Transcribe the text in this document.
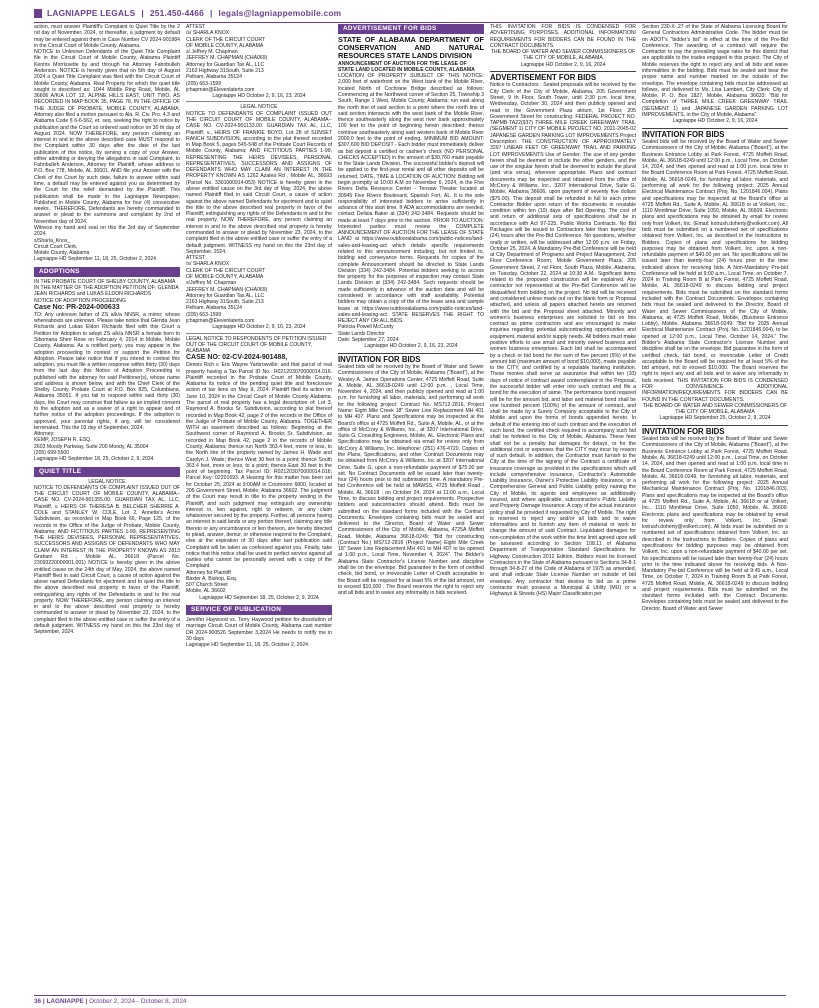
LAGNIAPPE LEGALS | 251.450-4466 | legals@lagniappemobile.com

action, must answer Plaintiff's Complaint to Quiet Title by the 2 nd day of November, 2024, or thereafter, a judgment by default may be entered against them in Case Number CV 2024-901984 in the Circuit Court of Mobile County, Alabama.

NOTICE to Unknown Defendants of the Quiet Title Complaint file in the Circuit Court of Mobile County, Alabama Plaintiff Kentris Morrissette by and through his Attorney Fahnbulleh Anderson. NOTICE is hereby given that on 5th day of August 2024 a Quiet Title Complaint was filed with the Circuit Court of Mobile County, Alabama. Real Property for which the quiet title sought is described as: 1044 Middle Ring Road, Mobile, AL 36606 A/K/A LOT 12, ALPINE HILLS EAST, UNIT TWO, AS RECORDED IN MAP BOOK 35, PAGE 78, IN THE OFFICE OF THE JUDGE OF PROBATE, MOBILE COUNTY, ALABAMA. Attorney also filed a motion pursuant to Ala. R. Civ. Pro. 4.3 and Alabama Code § 6-6-562, et. seq. seeking the right to notice by publication and the Court so ordered said notice on 30 th day of August 2024. NOW THEREFORE, any person claiming an interest in and to the above described case MUST respond to the Complaint within 30 days after the date of the last publication of this notice, by serving a copy of your Answer, either admitting or denying the allegations in said Complaint, to Fahnbulleh Anderson, Attorney for Plaintiff, whose address is P.O. Box 778, Mobile, AL 36601, AND file your Answer with the Clerk of the Court by such date, failure to answer within said time, a default may be entered against you as determined by the Court for the relief demanded by the Plaintiff. This publication shall be made in the Lagniappe Newspaper, Published in Mobile County, Alabama for four (4) consecutive weeks.. THEREFORE, Defendants are hereby commanded to answer or plead to the summons and complaint by 2nd of November day of 2024.

Witness my hand and seal on this the 3rd day of September 2024.

s/Sharla_Knox_

Circuit Court Clerk,

Mobile County, Alabama

Lagniappe HD September 11, 18, 25, October 2, 2024

ADOPTIONS

IN THE PROBATE COURT OF SHELBY COUNTY, ALABAMA

IN THE MATTER OF THE ADOPTION PETITION OF: GLENDA JEAN RICHARDS and LUKAS ELDON RICHARDS

NOTICE OF ADOPTION PROCEEDING

Case No: PR-2024-000633

TO: Any unknown father of ZS a/k/a NNSR, a minor; whose whereabouts are unknown. Please take notice that Glenda Jean Richards and Lukas Eldon Richards filed with this Court a Petition for Adoption to adopt ZS a/k/a NNSR a female born to Sibomana Sheri Rose on February 4, 2014 in Mobile, Mobile County, Alabama. As a notified party, you may appear in the adoption proceeding to contest or support the Petition for Adoption. Please take notice that if you intend to contest this adoption, you must file a written response within thirty (30) days from the last day this Notice of Adoption Proceeding is published with the attorney for said Petitioner(s), whose name and address is shown below, and with the Chief Clerk of the Shelby County Probate Court at P.O. Box 825, Columbiana, Alabama 35051. If you fail to respond within said thirty (30) days, the Court may construe that failure as an implied consent to the adoption and as a waiver of a right to appear and of further notice of the adoption proceedings. If the adoption is approved, your parental rights, if any, will be considered terminated. This the 03 day of September, 2024.

Attorney:

KEMP, JOSEPH R. ESQ.

2603 Moody Parkway, Suite 200 Moody, AL 35004

(205) 699-5500

Lagniappe HD September 18, 25, October 2, 9, 2024

QUIET TITLE

LEGAL NOTICE

NOTICE TO DEFENDANTS OF COMPLAINT ISSUED OUT OF THE CIRCUIT COURT OF MOBILE COUNTY, ALABAMA-- CASE NO. CV-2024-901355.00. GUARDIAN TAX AL, LLC, Plaintiff, v. HEIRS OF THERESA B. BELCHER SHERRIE A. COLE and STANLEY W. COLE, Lot 2, Annette's Acres Subdivision, as recorded in Map Book 66, Page 125, of the records in the Office of the Judge of Probate, Mobile County, Alabama; AND FICTITIOUS PARTIES 1-99, REPRESENTING THE HEIRS DEVISEES, PERSONAL REPRESENTATIVES, SUCCESSORS AND ASSIGNS OF DEFENDANTS WHO MAY CLAIM AN INTEREST IN THE PROPERTY KNOWN AS 2813 Graham Rd , Mobile AL, 36618 (Parcel No. 23093220000001.001) NOTICE is hereby given in the above entitled cause on the 24th day of May, 2024, the above named Plaintiff filed in said Circuit Court, a cause of action against the above named Defendants for ejectment and to quiet the title to the above described real property in favor of the Plaintiff, extinguishing any rights of the Defendants in and to the real property. NOW THEREFORE, any person claiming an interest in and to the above described real property is hereby commanded to answer or plead by November 23, 2024, to the complaint filed in the above entitled case or suffer the entry of a default judgment. WITNESS my hand on this the 23rd day of September, 2024.

ATTEST

/s/ SHARLA KNOX

CLERK OF THE CIRCUIT COURT

OF MOBILE COUNTY, ALABAMA

s/ Jeffrey M. Chapman

JEFFREY M. CHAPMAN (CHA069)

Attorney for Guardian Tax AL, LLC

2163 Highway 31South, Suite 213

Pelham, Alabama 35124

(205) 663-1599

jchapman@Elevenlaterts.com

Lagniappe HD October 2, 9, 16, 23, 2024

LEGAL NOTICE

NOTICE TO DEFENDANTS OF COMPLAINT ISSUED OUT THE CIRCUIT COURT OF MOBILE COUNTY, ALABAMA--CASE NO. CV-2024-901133.00. GUARDIAN TAX AL, LLC, Plaintiff, v., HEIRS OF FRANKIE BOYD, Lot 28 of SUNSET RANCH SUBDIVISION, according to the plat thereof recorded in Map Book 5, pages 545-548 of the Probate Court Records of Mobile County, Alabama; AND FICTITIOUS PARTIES 1-99, REPRESENTING THE HEIRS DEVISEES, PERSONAL REPRESENTATIVES, SUCCESSORS AND ASSIGNS OF DEFENDANTS WHO MAY CLAIM AN INTEREST IN THE PROPERTY KNOWN AS 1262 Azalea Rd , Mobile AL, 36693 (Parcel No. 3301000914-053) NOTICE is hereby given in the above entitled cause on the 3rd day of May, 2024, the above named Plaintiff filed in said Circuit Court, a cause of action against the above named Defendants for ejectment and to quiet the title to the above described real property in favor of the Plaintiff, extinguishing any rights of the Defendants in and to the real property. NOW THEREFORE, any person claiming an interest in and to the above described real property is hereby commanded to answer or plead by November 23, 2024, to the complaint filed in the above entitled case or suffer the entry of a default judgment. WITNESS my hand on this the 23rd day of September, 2024.

ATTEST

/s/ SHARLA KNOX

CLERK OF THE CIRCUIT COURT

OF MOBILE COUNTY, ALABAMA

s/Jeffrey M. Chapman

JEFFREY M. CHAPMAN (CHA069)

Attorney for Guardian Tax AL, LLC

2163 Highway 31South, Suite 213

Pelham, Alabama 35124

(205) 663-1599

jchapman@Elevenlaterts.com

Lagniappe HD October 2, 9, 16, 23, 2024

LEGAL NOTICE TO RESPONDENTS OF PETITION ISSUED OUT OF THE CIRCUIT COURT OF MOBILE COUNTY, ALABAMA

CASE NO: 02-CV-2024-901488,

Dennis Rich v. Eric Wayne Yarbrowville; and that parcel of real property having a Tax Parcel ID No.: R021203070000014.016. Plaintiff recorded in the Probate Court of Mobile County, Alabama its notice of the pending quiet title and foreclosure action of tax liens on May 9, 2024. Plaintiff filed its action on June 10, 2024 in the Circuit Court of Mobile County Alabama. The parcel of real property has a legal description of: Lot 3, Raymond A. Brooks Sr. Subdivision, according to plat thereof recorded in Map Book 42, page 2 of the records in the Office of the Judge of Probate of Mobile County, Alabama. TOGETHER WITH an easement described as follows: Beginning at the Southwest corner of Raymond A. Brooks Sr. Subdivision, as recorded in Map Book 42, page 2 in the records of Mobile County, Alabama; thence run North 363.4 feet, more or less, to the North line of the property owned by James H. Wade and Carolyn J. Wade; thence West 30 feet to a point; thence South 363.4 feet, more or less, to a point; thence East 30 feet to the point of beginning. Tax Parcel ID: R021203070000014.016; Parcel Key: 02201693. A Hearing for this matter has been set for October 25, 2024 at 9:00AM in Courtroom 6800, located at 205 Government Street, Mobile, Alabama 36602. The judgment of the Court may result in title to the property vesting in the Plaintiff, and such judgment may extinguish any ownership interest in, lien against, right to redeem, or any claim whatsoever secured by the property. Further, all persons having an interest in said lands or any portion thereof, claiming any title thereto or any encumbrance or lien thereon, are hereby directed to plead, answer, demur, or otherwise respond to the Complaint, else at the expiration of 30 days after last publication said Complaint will be taken as confessed against you. Finally, take notice that this notice shall be used to perfect service against all parties who cannot be personally served with a copy of the Complaint.

Attorney for Plaintiff

Baxter A. Bishop, Esq.

507 Church Street

Mobile, AL 36602

Lagniappe HD September 18, 25, October 2, 9, 2024

SERVICE OF PUBLICATION

Jennifer Haywood vs. Terry Haywood petition for dissolution of marriage Circuit Court of Mobile County, Alabama cast number DR 2024-900526 September 3,2024 He needs to notify me in 30 days

Lagniappe HD September 11, 18, 25, October 2, 2024

ADVERTISEMENT FOR BIDS

STATE OF ALABAMA DEPARTMENT OF CONSERVATION AND NATURAL RESOURCES STATE LANDS DIVISION

ANNOUNCEMENT OF AUCTION FOR THE LEASE OF STATE LAND LOCATED IN MOBILE COUNTY, ALABAMA

LOCATION OF PROPERTY SUBJECT OF THIS NOTICE: 2,000 feet of waterfront on the West bank of the Mobile River, located North of Cochrane Bridge described as follows: Commencing at the Northwest corner of Section 25, Township 3 South, Range 1 West, Mobile County, Alabama; run east along the north line of said section to a point where the north line of said section intersects with the west bank of the Mobile River, thence southeasterly along the west river bank approximately 100 feet to the point of beginning herein described; thence continue southeasterly along said western bank of Mobile River 2000.0 feet to the point of ending. MINIMUM BID AMOUNT: $307,600 BID DEPOSIT - Each bidder must immediately deliver as bid deposit a certified or cashier's check (NO PERSONAL CHECKS ACCEPTED) in the amount of $30,760 made payable to the State Lands Division. The successful bidder's deposit will be applied to the first-year rental and all other deposits will be returned. DATE, TIME & LOCATION OF AUCTION: Bidding will begin promptly at 10:00 A.M on November 6, 2024, in the Five Rivers Delta Resource Center - Tensaw Theater located at 30945 Five Rivers Boulevard, Spanish Fort, AL. It is the sole responsibility of interested bidders to arrive sufficiently in advance of this start time. If ADA accommodations are needed, contact Delisia Baker at (334) 242-3484. Requests should be made at least 7 days prior to the auction. PRIOR TO AUCTION: Interested parties must review the COMPLETE ANNOUNCEMENT OF AUCTION FOR THE LEASE OF STATE LAND at https://www.outdooralabama.com/public-notices/land-sales-and-leasing-act which details specific requirements related to this announcement including, but not limited to, bidding and conveyance terms. Requests for copies of the complete Announcement should be directed to State Lands Division (334) 242-3484. Potential bidders seeking to access the property for the purposes of inspection may contact State Lands Division at (334) 242-3484. Such requests should be made sufficiently in advance of the auction date and will be considered in accordance with staff availability. Potential bidders may obtain a copy of the of the lease area and sample lease at https://www.outdooralabama.com/public-notices/land-sales-and-leasing-act. STATE RESERVES THE RIGHT TO REJECT ANY OR ALL BIDS.

Patricia Powell McCurdy

State Lands Director

Date: September 27, 2024

Lagniappe HD October 2, 9, 16, 23, 2024

INVITATION FOR BIDS

Sealed bids will be received by the Board of Water and Sewer Commissioners of the City of Mobile, Alabama ("Board"), at the Wesley A. James Operations Center, 4725 Moffett Road, Suite A, Mobile, AL 36618-0249 until 12:00 p.m. , Local Time, November 4, 2024, and then publicly opened and read at 1:00 p.m. for furnishing all labor, materials, and performing all work for the following project: Contract No. MS712-2816, Project Name: Eight Mile Creek 18" Sewer Line Replacement MH 401 to MH 407. Plans and Specifications may be inspected at the Board's office at 4725 Moffett Rd., Suite A, Mobile, AL, or at the office of McCrory & Williams, Inc., at 3207 International Drive, Suite G, Consulting Engineers, Mobile, AL. Electronic Plans and Specifications may be obtained via email for review only from McCrory & Williams, Inc. telephone: (251) 476-4720. Copies of the Plans, Specifications, and other Contract Documents may be obtained from McCrory & Williams, Inc at 3207 International Drive, Suite G, upon a non-refundable payment of $75.00 per set. No Contract Documents will be issued later than twenty-four (24) hours prior to bid submission time. A mandatory Pre-bid Conference will be held at MAWSS, 4725 Moffett Road , Mobile, AL 36618 , on October 24, 2024 at 11:00 a.m., Local Time, to discuss bidding and project requirements. Prospective bidders and subcontractors should attend. Bids must be submitted on the standard forms included with the Contract Documents. Envelopes containing bids must be sealed and delivered to the Director, Board of Water and Sewer Commissioners of the City of Mobile, Alabama, 4725A Moffett Road, Mobile, Alabama 36618-0249: "Bid for constructing (Contract No.) MS712-2816 (Project Name) Eight Mile Creek 18" Sewer Line Replacement MH 401 to MH 407 to be opened at 1:00 p.m., Local Time, November 4, 2024". The Bidder's Alabama State Contractor's License Number and discipline shall be on the envelope. Bid guarantee in the form of certified check, bid bond, or irrevocable Letter of Credit acceptable to the Board will be required for at least 5% of the bid amount, not to exceed $10,000 . The Board reserves the right to reject any and all bids and to waive any informality in bids received.

THIS INVITATION FOR BIDS IS CONDENSED FOR ADVERTISING PURPOSES. ADDITIONAL INFORMATION/ REQUIREMENTS FOR BIDDERS CAN BE FOUND IN THE CONTRACT DOCUMENTS.

THE BOARD OF WATER AND SEWER COMMISSIONERS OF THE CITY OF MOBILE, ALABAMA

Lagniappe HD October 2, 9, 16, 2024

ADVERTISEMENT FOR BIDS

Notice to Contractors : Sealed proposals will be received by the City Clerk of the City of Mobile, Alabama, 205 Government Street, 9 th Floor, South Tower, until 2:30 p.m. local time, Wednesday, October 30, 2024 and then publicly opened and read in the Government Plaza atrium, 1st Floor, 205 Government Street for constructing: FEDERAL PROJECT NO. TAPMB-TA22(937) THREE MILE CREEK GREENWAY TRAIL (SEGMENT 1) CITY OF MOBILE PROJECT NO. 2021-2045-02 JAPANESE GARDEN PARKING LOT IMPROVEMENTS Project Description: THE CONSTRUCTION OF APPROXIMATELY 3297 LINEAR FEET OF GREENWAY TRAIL AND PARKING LOT IMPROVEMENTS Use of Gender. The use of any gender herein shall be deemed or include the other genders, and the use of the singular herein shall be deemed to include the plural (and vice versa), wherever appropriate. Plans and contract documents may be inspected and obtained from the office of McCrory & Williams, Inc., 3207 International Drive, Suite G, Mobile, Alabama 36606, upon payment of seventy five dollars ($75.00). This deposit shall be refunded in full to each prime Contractor Bidder upon return of the documents in reusable condition within ten (10) days after Bid Opening. The cost of and return of additional sets of specifications shall be in accordance with Act 97-225, Public Works Contracts. No Bid Packages will be issued to Contractors later than twenty-four (24) hours after the Pre-Bid Conference. No questions, whether orally or written, will be addressed after 12:00 p.m. on Friday, October 25, 2024. A Mandatory Pre-Bid Conference will be held at City Department of Programs and Project Management, 2nd Floor Conference Room, Mobile Government Plaza, 205 Government Street, 2 nd Floor, South Plaza, Mobile, Alabama, on Tuesday, October 22, 2024 at 10:30 A.M.. Significant items related to the proposed construction will be explained. Any contractor not represented at the Pre-Bid Conference will be disqualified from bidding on the project. No bid will be received and considered unless made out on the blank form or Proposal attached, and unless all papers attached hereto are returned with the bid and the Proposal sheet attached. Minority and women's business enterprises are solicited to bid on this contract as prime contractors and are encouraged to make inquiries regarding potential subcontracting opportunities and equipment, material and/or supply needs. All bidders must make positive efforts to use small and minority owned business and women business enterprises. Each bid shall be accompanied by a check or bid bond for the sum of five percent (5%) of the amount bid (maximum amount of bond $10,000), made payable to the CITY, and certified by a reputable banking institution. These monies shall serve as assurance that within ten (10) days of notice of contract award contemplated in the Proposal, the successful bidder will enter into such contract and file a bond for the execution of same. The performance bond required will be for the amount bid, and labor and material bond shall be one hundred percent (100%) of the amount of contract, and shall be made by a Surety Company acceptable to the City of Mobile and upon the forms of bonds appended hereto. In default of the entering into of such contract and the execution of such bond, the certified check required to accompany such bid shall be forfeited to the City of Mobile, Alabama. These fees shall not be a penalty but damages for delays, or for the additional cost or expenses that the CITY may incur by reason of such default. In addition, the Contractor must furnish to the City at the time of the signing of the Contract a certificate of insurance coverage as provided in the specifications which will include comprehensive insurance, Contractor's Automobile Liability Insurance, Owner's Protective Liability Insurance, or a Comprehensive General and Public Liability policy naming the City of Mobile, its agents and employees as additionally insured, and where applicable, subcontractor's Public Liability and Property Damage Insurance. A copy of the actual insurance policy shall be provided if requested by City of Mobile. The right is reserved to reject any and/or all bids and to waive informalities and to furnish any item of material or work to change the amount of said Contract. Liquidated damages for non-completion of the work within the time limit agreed upon will be assessed according to Section 108.11 of Alabama Department of Transportation Standard Specifications for Highway Construction 2012 Edition. Bidders must be licensed Contractors in the State of Alabama pursuant to Sections 34-8-1 through 34-8-27 of the Code of Alabama of 1975 as amended, and shall indicate State License Number on outside of bid envelope. Any contractor that desires to bid as a prime contractor must possess a Municipal & Utility (MU) or a Highways & Streets (HS) Major Classification per

Section 230-X-.27 of the State of Alabama Licensing Board for General Contractors Administrative Code. The bidder must be on ADOT's "bidder's list" in effect at the time of the Pre-Bid Conference. The awarding of a contract will require the Contractor to pay the prevailing wage rates for this district that are applicable to the trades engaged in this project. The City of Mobile reserves the right to reject any and all bids and waive informalities in the bidding. Bids must be sealed and bear the proper name and number marked on the outside of the envelope. The envelope containing bids must be addressed as follows, and delivered to Ms. Lisa Lambert, City Clerk; City of Mobile, P. O. Box 1827, Mobile, Alabama 36633: "Bid for Completion of THREE MILE CREEK GREENWAY TRAIL (SEGMENT 1) and JAPANESE GARDEN PARKING LOT IMPROVEMENTS, in the City of Mobile, Alabama".

Lagniappe HD October 2, 9, 16, 2024

INVITATION FOR BIDS

Sealed bids will be received by the Board of Water and Sewer Commissioners of the City of Mobile, Alabama ("Board"), at the Business Entrance Lobby at Park Forest, 4725 Moffett Road, Mobile, AL 36618-0249 until 12:00 p.m., Local Time, on October 14, 2024, and then opened and read at 1:00 p.m. local time in the Board Conference Room at Park Forest, 4725 Moffett Road, Mobile, AL 36618-0249, for furnishing all labor, materials, and performing all work for the following project: 2025 Annual Electrical Maintenance Contract (Proj. No. 1201846.004). Plans and specifications may be inspected at the Board's office at 4725 Moffett Rd., Suite A, Mobile, AL 36618 or at Volkert, Inc., 1110 Montlimar Drive, Suite 1050, Mobile, AL 36609. Electronic plans and specifications may be obtained by email for review only from Volkert, Inc. (Email: kotrush.doherty@volkert.com). All bids must be submitted on a numbered set of specifications obtained from Volkert, Inc. as described in the Instructions to Bidders. Copies of plans and specifications for bidding purposes may be obtained from Volkert, Inc. upon a non-refundable payment of $40.00 per set. No specifications will be issued later than twenty-four (24) hours prior to the time indicated above for receiving bids. A Non-Mandatory Pre-bid Conference will be held at 9:00 a.m., Local Time, on October 7, 2024 in Training Room B at Park Forest, 4725 Moffett Road, Mobile, AL 36618-0249 to discuss bidding and project requirements. Bids must be submitted on the standard forms included with the Contract Documents. Envelopes containing bids must be sealed and delivered to the Director, Board of Water and Sewer Commissioners of the City of Mobile, Alabama, at 4725 Moffett Road, Mobile, (Business Entrance Lobby), Mobile, Alabama 36618-0249: "Bid for 2025 Annual Electrical Maintenance Contract (Proj. No. 1201846.004), to be opened at 12:00 p.m., Local Time, October 14, 2024." The Bidder's Alabama State Contractor's License Number and discipline shall be on the envelope. Bid guarantee in the form of certified check, bid bond, or irrevocable Letter of Credit acceptable to the Board will be required for at least 5% of the bid amount, not to exceed $10,000. The Board reserves the right to reject any and all bids and to waive any informality in bids received. THIS INVITATION FOR BIDS IS CONDENSED FOR CONVENIENCE. ADDITIONAL INFORMATION/REQUIREMENTS FOR BIDDERS CAN BE FOUND IN THE CONTRACT DOCUMENTS.

THE BOARD OF WATER AND SEWER COMMISSIONERS OF THE CITY OF MOBILE, ALABAMA

Lagniappe HD September 25, October 2, 9, 2024

INVITATION FOR BIDS

Sealed bids will be received by the Board of Water and Sewer Commissioners of the City of Mobile, Alabama ("Board"), at the Business Entrance Lobby at Park Forest, 4725 Moffett Road, Mobile, AL 36618-0249 until 12:00 p.m., Local Time, on October 14, 2024, and then opened and read at 1:00 p.m. local time in the Board Conference Room at Park Forest, 4725 Moffett Road, Mobile, AL 36618-0249, for furnishing all labor, materials, and performing all work for the following project: 2025 Annual Mechanical Maintenance Contract (Proj. No. 1201846.003). Plans and specifications may be inspected at the Board's office at 4725 Moffett Rd., Suite A, Mobile, AL 36618 or at Volkert, Inc., 1110 Montlimar Drive, Suite 1050, Mobile, AL 36609. Electronic plans and specifications may be obtained by email for review only from Volkert, Inc. (Email: kotrush.doherty@volkert.com). All bids must be submitted on a numbered set of specifications obtained from Volkert, Inc. as described in the Instructions to Bidders. Copies of plans and specifications for bidding purposes may be obtained from Volkert, Inc. upon a non-refundable payment of $40.00 per set. No specifications will be issued later than twenty-four (24) hours prior to the time indicated above for receiving bids. A Non-Mandatory Pre-bid Conference will be held at 9:45 a.m., Local Time, on October 7, 2024 in Training Room B at Park Forest, 4725 Moffett Road, Mobile, AL 36618-0249 to discuss bidding and project requirements. Bids must be submitted on the standard forms included with the Contract Documents. Envelopes containing bids must be sealed and delivered to the Director, Board of Water and Sewer

36 | LAGNIAPPE | October 2, 2024 - October 8, 2024
